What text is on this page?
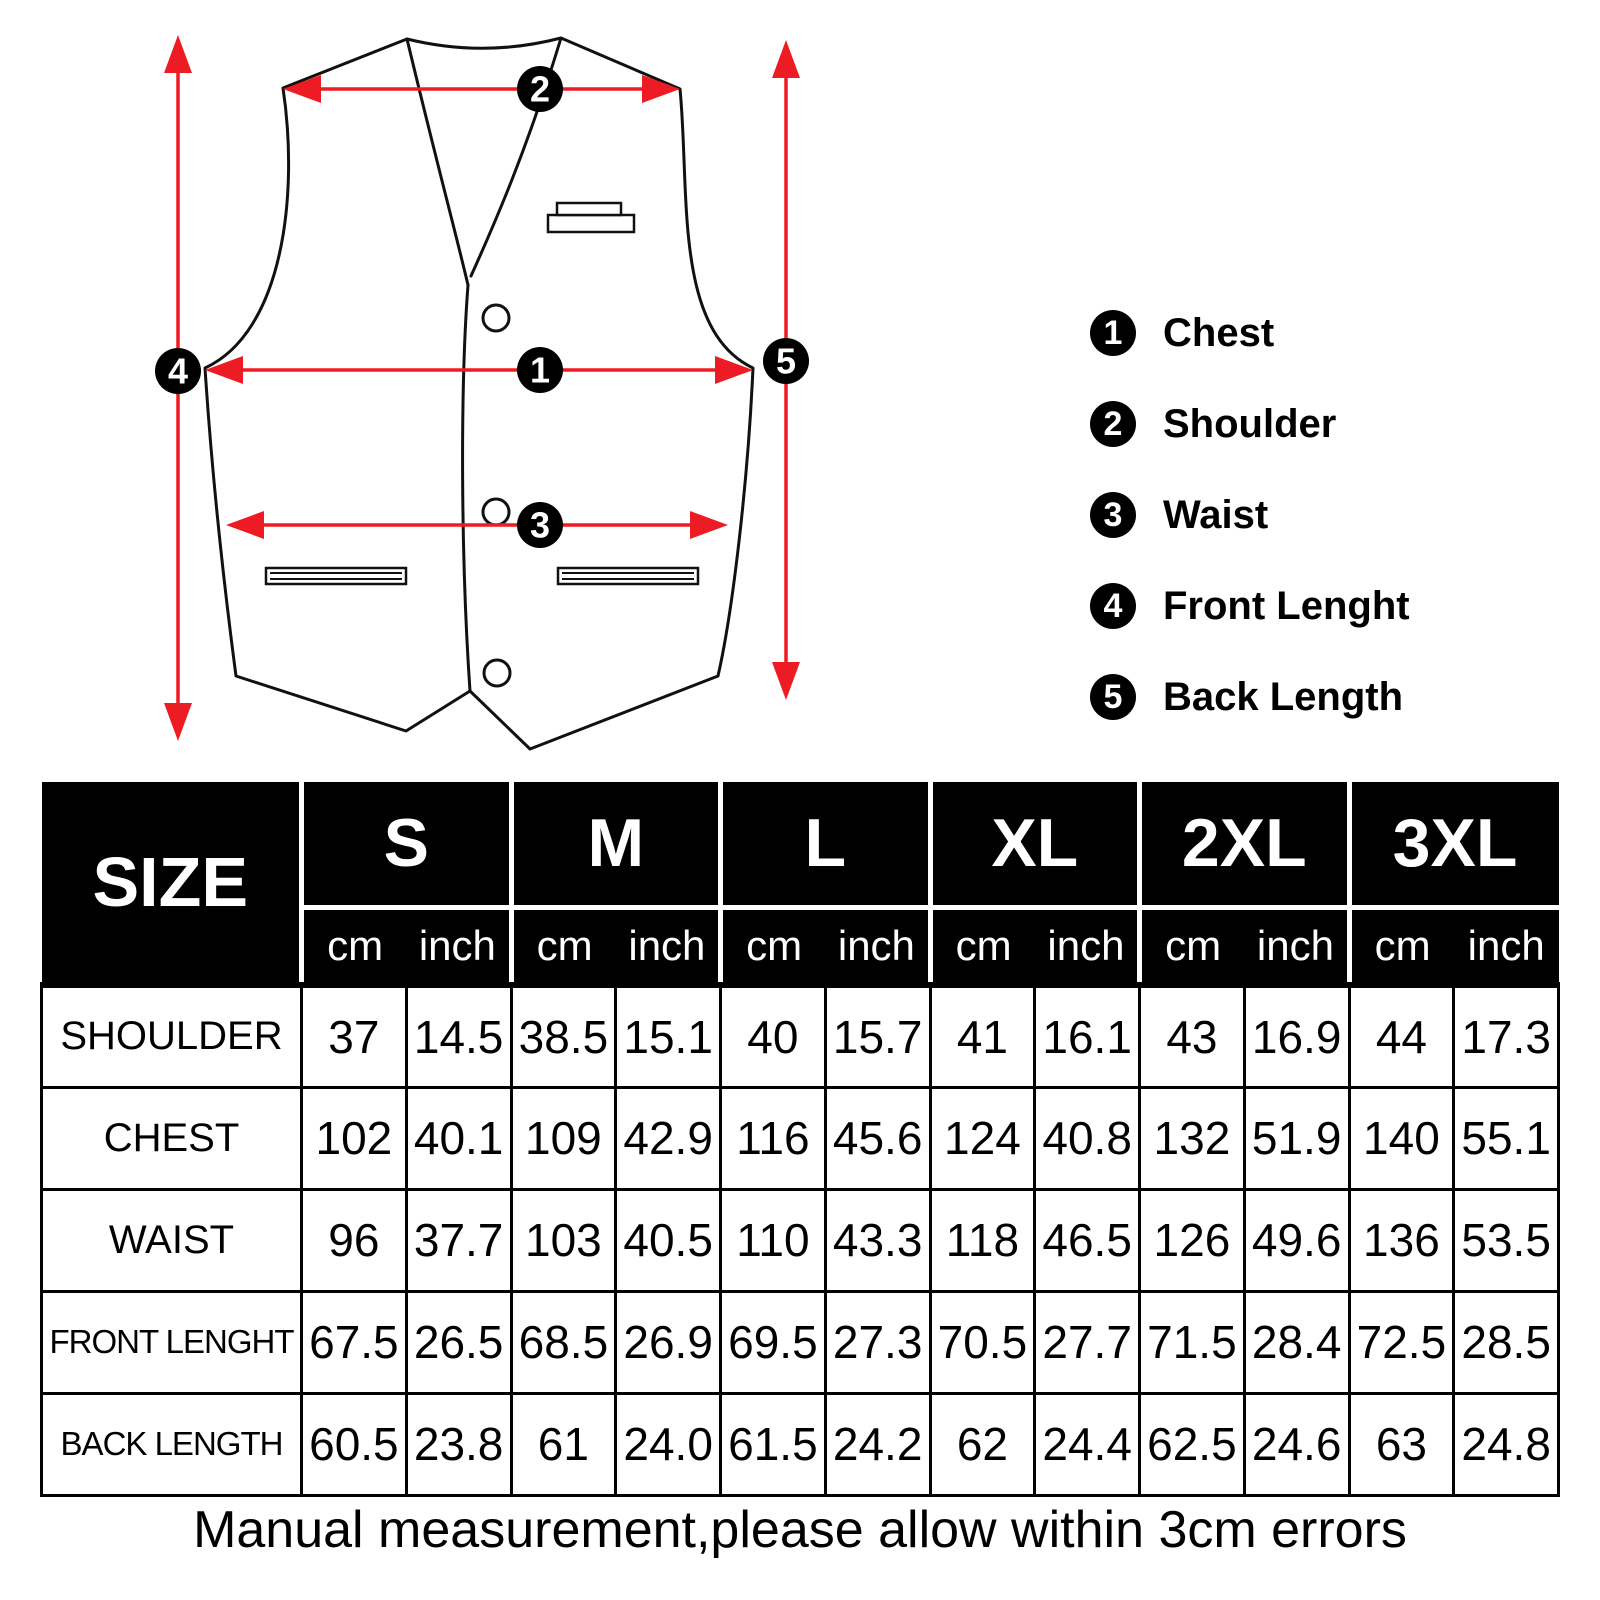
1
2
3
4	5
1 Chest
2 Shoulder
3 Waist
4 Front Lenght
5 Back Length
SIZE	S		M		L		XL		2XL		3XL	
	cm	inch	cm	inch	cm	inch	cm	inch	cm	inch	cm	inch
SHOULDER	37	14.5	38.5	15.1	40	15.7	41	16.1	43	16.9	44	17.3
CHEST	102	40.1	109	42.9	116	45.6	124	40.8	132	51.9	140	55.1
WAIST	96	37.7	103	40.5	110	43.3	118	46.5	126	49.6	136	53.5
FRONT LENGHT	67.5	26.5	68.5	26.9	69.5	27.3	70.5	27.7	71.5	28.4	72.5	28.5
BACK LENGTH	60.5	23.8	61	24.0	61.5	24.2	62	24.4	62.5	24.6	63	24.8
Manual measurement,please allow within 3cm errors
